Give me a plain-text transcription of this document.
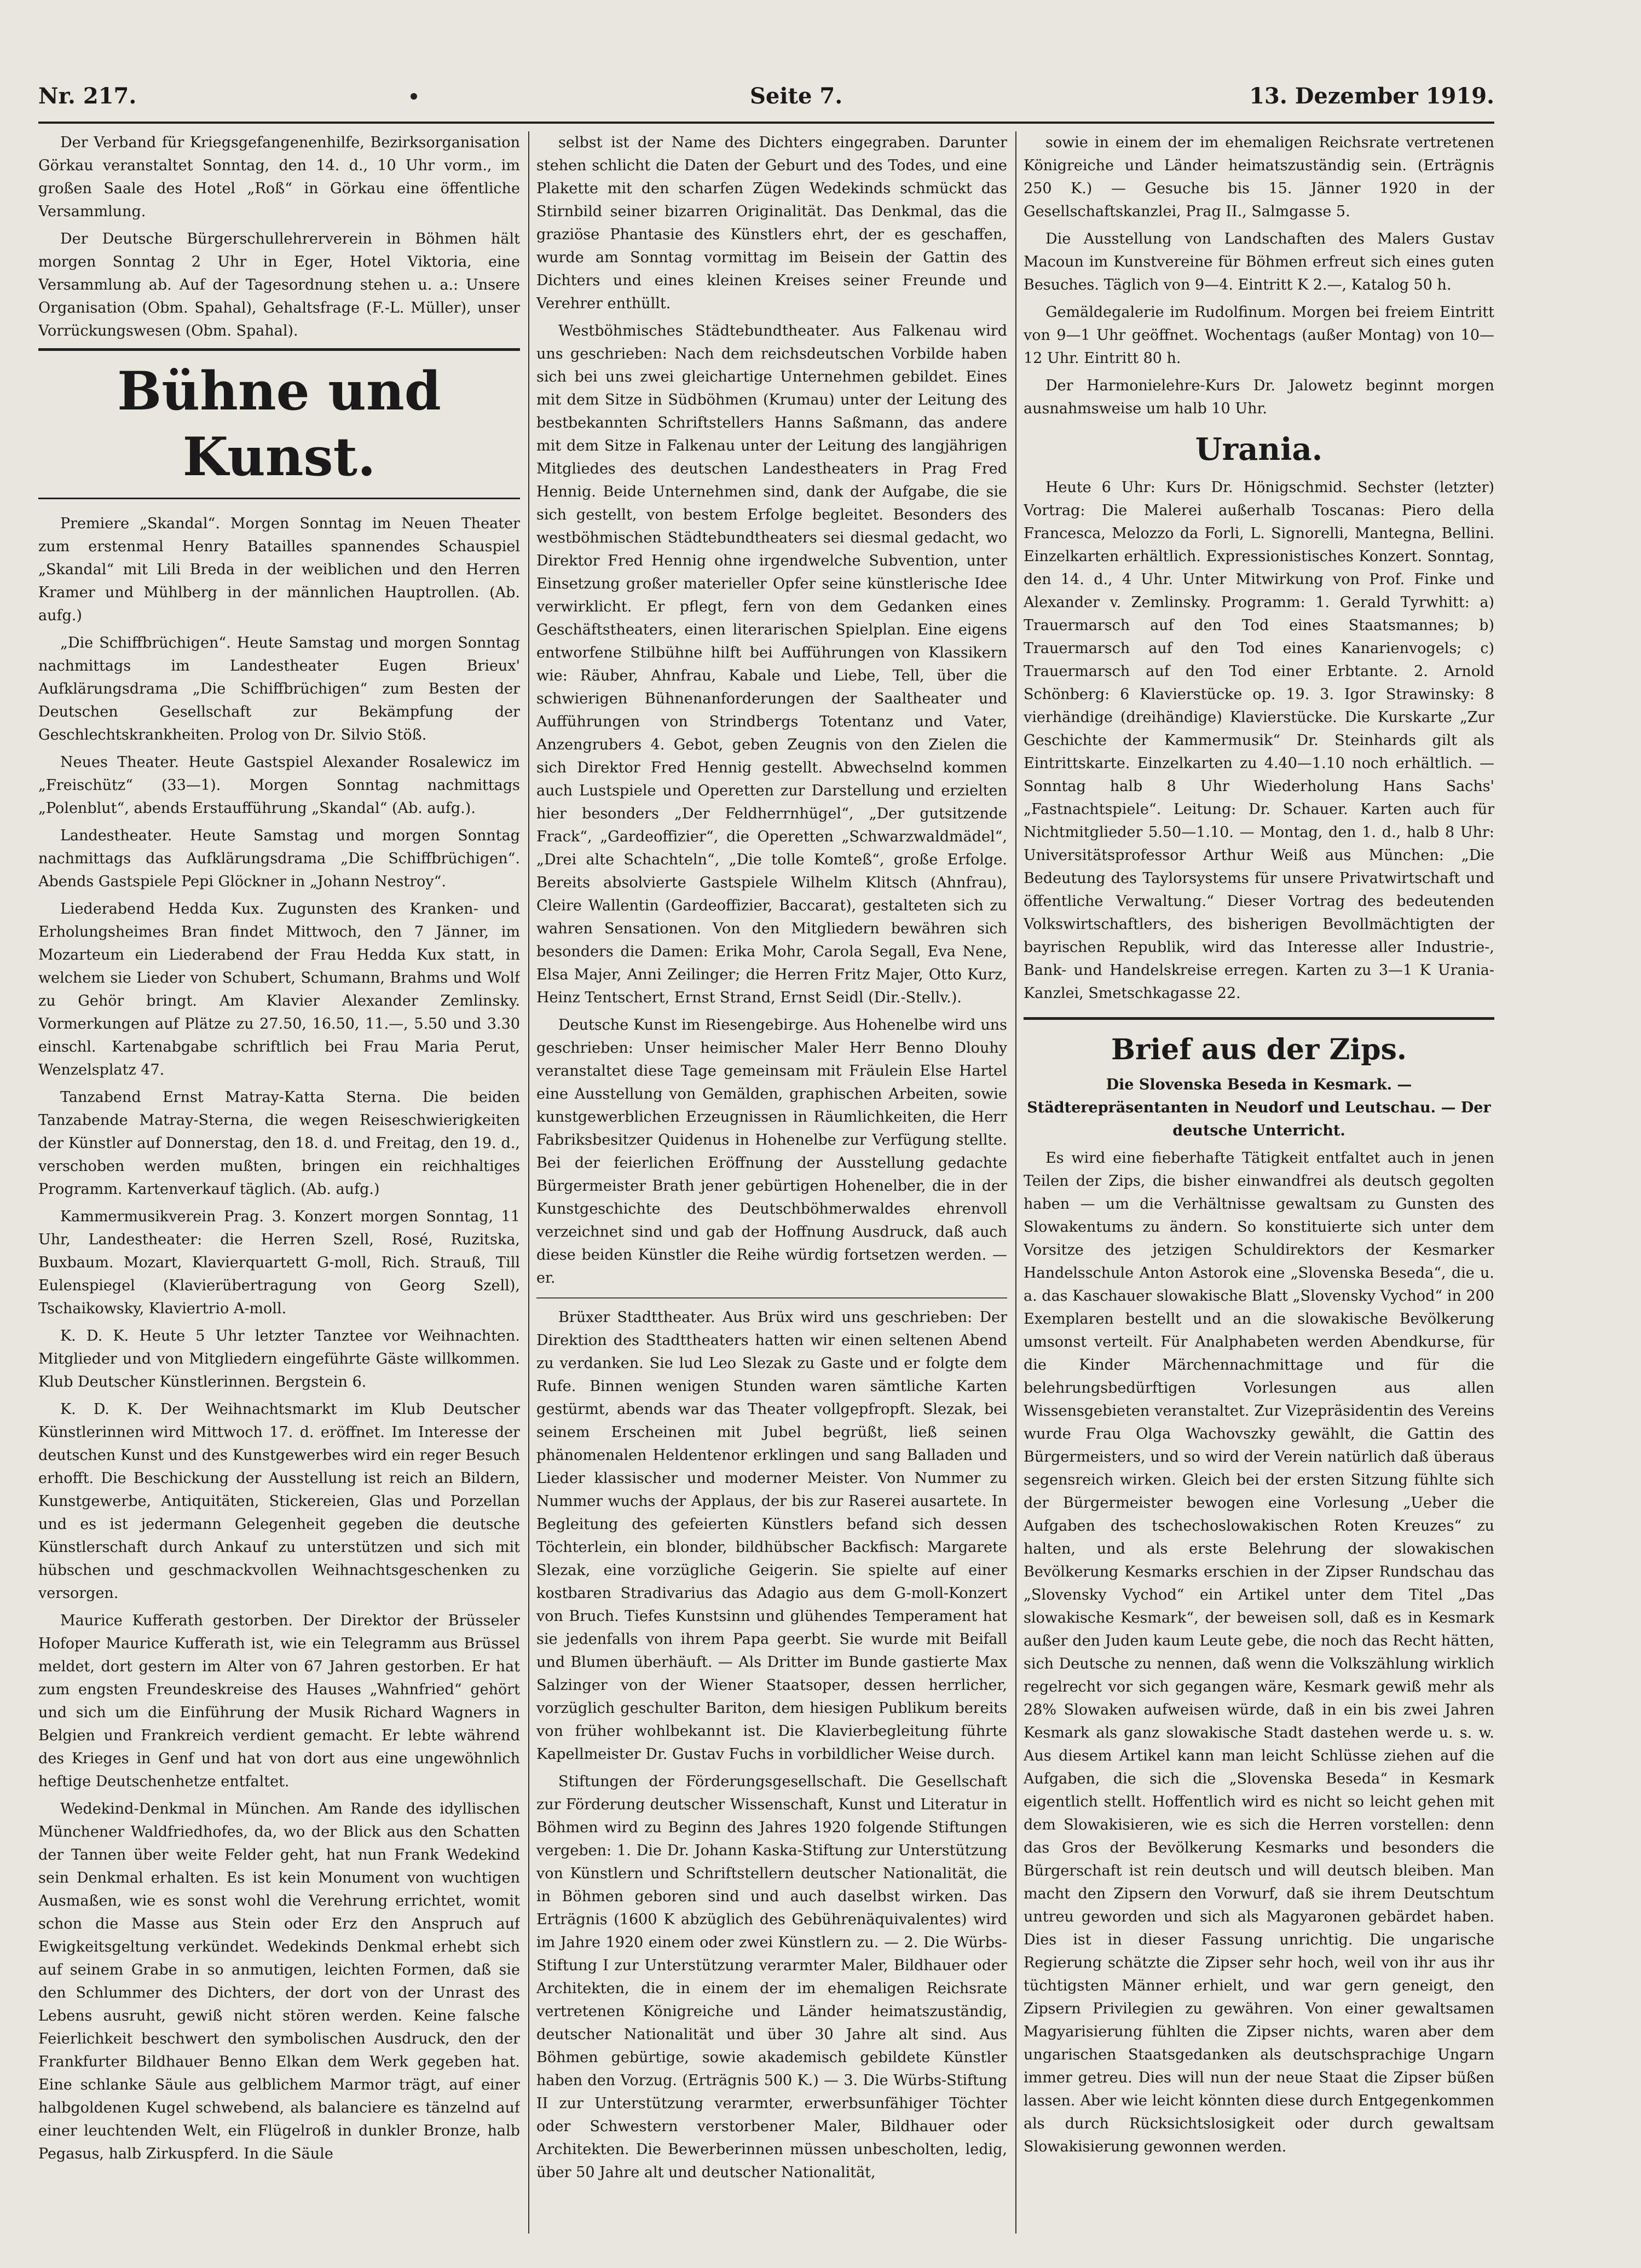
Nr. 217.	Seite 7.	13. Dezember 1919.

Der Verband für Kriegsgefangenenhilfe, Bezirksorganisation Görkau veranstaltet Sonntag, den 14. d., 10 Uhr vorm., im großen Saale des Hotel „Roß“ in Görkau eine öffentliche Versammlung.

Der Deutsche Bürgerschullehrerverein in Böhmen hält morgen Sonntag 2 Uhr in Eger, Hotel Viktoria, eine Versammlung ab. Auf der Tagesordnung stehen u. a.: Unsere Organisation (Obm. Spahal), Gehaltsfrage (F.-L. Müller), unser Vorrückungswesen (Obm. Spahal).

Bühne und Kunst.

Premiere „Skandal“. Morgen Sonntag im Neuen Theater zum erstenmal Henry Batailles spannendes Schauspiel „Skandal“ mit Lili Breda in der weiblichen und den Herren Kramer und Mühlberg in der männlichen Hauptrollen. (Ab. aufg.)

„Die Schiffbrüchigen“. Heute Samstag und morgen Sonntag nachmittags im Landestheater Eugen Brieux' Aufklärungsdrama „Die Schiffbrüchigen“ zum Besten der Deutschen Gesellschaft zur Bekämpfung der Geschlechtskrankheiten. Prolog von Dr. Silvio Stöß.

Neues Theater. Heute Gastspiel Alexander Rosalewicz im „Freischütz“ (33—1). Morgen Sonntag nachmittags „Polenblut“, abends Erstaufführung „Skandal“ (Ab. aufg.).

Landestheater. Heute Samstag und morgen Sonntag nachmittags das Aufklärungsdrama „Die Schiffbrüchigen“. Abends Gastspiele Pepi Glöckner in „Johann Nestroy“.

Liederabend Hedda Kux. Zugunsten des Kranken- und Erholungsheimes Bran findet Mittwoch, den 7 Jänner, im Mozarteum ein Liederabend der Frau Hedda Kux statt, in welchem sie Lieder von Schubert, Schumann, Brahms und Wolf zu Gehör bringt. Am Klavier Alexander Zemlinsky. Vormerkungen auf Plätze zu 27.50, 16.50, 11.—, 5.50 und 3.30 einschl. Kartenabgabe schriftlich bei Frau Maria Perut, Wenzelsplatz 47.

Tanzabend Ernst Matray-Katta Sterna. Die beiden Tanzabende Matray-Sterna, die wegen Reiseschwierigkeiten der Künstler auf Donnerstag, den 18. d. und Freitag, den 19. d., verschoben werden mußten, bringen ein reichhaltiges Programm. Kartenverkauf täglich. (Ab. aufg.)

Kammermusikverein Prag. 3. Konzert morgen Sonntag, 11 Uhr, Landestheater: die Herren Szell, Rosé, Ruzitska, Buxbaum. Mozart, Klavierquartett G-moll, Rich. Strauß, Till Eulenspiegel (Klavierübertragung von Georg Szell), Tschaikowsky, Klaviertrio A-moll.

K. D. K. Heute 5 Uhr letzter Tanztee vor Weihnachten. Mitglieder und von Mitgliedern eingeführte Gäste willkommen. Klub Deutscher Künstlerinnen. Bergstein 6.

K. D. K. Der Weihnachtsmarkt im Klub Deutscher Künstlerinnen wird Mittwoch 17. d. eröffnet. Im Interesse der deutschen Kunst und des Kunstgewerbes wird ein reger Besuch erhofft. Die Beschickung der Ausstellung ist reich an Bildern, Kunstgewerbe, Antiquitäten, Stickereien, Glas und Porzellan und es ist jedermann Gelegenheit gegeben die deutsche Künstlerschaft durch Ankauf zu unterstützen und sich mit hübschen und geschmackvollen Weihnachtsgeschenken zu versorgen.

Maurice Kufferath gestorben. Der Direktor der Brüsseler Hofoper Maurice Kufferath ist, wie ein Telegramm aus Brüssel meldet, dort gestern im Alter von 67 Jahren gestorben. Er hat zum engsten Freundeskreise des Hauses „Wahnfried“ gehört und sich um die Einführung der Musik Richard Wagners in Belgien und Frankreich verdient gemacht. Er lebte während des Krieges in Genf und hat von dort aus eine ungewöhnlich heftige Deutschenhetze entfaltet.

Wedekind-Denkmal in München. Am Rande des idyllischen Münchener Waldfriedhofes, da, wo der Blick aus den Schatten der Tannen über weite Felder geht, hat nun Frank Wedekind sein Denkmal erhalten. Es ist kein Monument von wuchtigen Ausmaßen, wie es sonst wohl die Verehrung errichtet, womit schon die Masse aus Stein oder Erz den Anspruch auf Ewigkeitsgeltung verkündet. Wedekinds Denkmal erhebt sich auf seinem Grabe in so anmutigen, leichten Formen, daß sie den Schlummer des Dichters, der dort von der Unrast des Lebens ausruht, gewiß nicht stören werden. Keine falsche Feierlichkeit beschwert den symbolischen Ausdruck, den der Frankfurter Bildhauer Benno Elkan dem Werk gegeben hat. Eine schlanke Säule aus gelblichem Marmor trägt, auf einer halbgoldenen Kugel schwebend, als balanciere es tänzelnd auf einer leuchtenden Welt, ein Flügelroß in dunkler Bronze, halb Pegasus, halb Zirkuspferd. In die Säule

selbst ist der Name des Dichters eingegraben. Darunter stehen schlicht die Daten der Geburt und des Todes, und eine Plakette mit den scharfen Zügen Wedekinds schmückt das Stirnbild seiner bizarren Originalität. Das Denkmal, das die graziöse Phantasie des Künstlers ehrt, der es geschaffen, wurde am Sonntag vormittag im Beisein der Gattin des Dichters und eines kleinen Kreises seiner Freunde und Verehrer enthüllt.

Westböhmisches Städtebundtheater. Aus Falkenau wird uns geschrieben: Nach dem reichsdeutschen Vorbilde haben sich bei uns zwei gleichartige Unternehmen gebildet. Eines mit dem Sitze in Südböhmen (Krumau) unter der Leitung des bestbekannten Schriftstellers Hanns Saßmann, das andere mit dem Sitze in Falkenau unter der Leitung des langjährigen Mitgliedes des deutschen Landestheaters in Prag Fred Hennig. Beide Unternehmen sind, dank der Aufgabe, die sie sich gestellt, von bestem Erfolge begleitet. Besonders des westböhmischen Städtebundtheaters sei diesmal gedacht, wo Direktor Fred Hennig ohne irgendwelche Subvention, unter Einsetzung großer materieller Opfer seine künstlerische Idee verwirklicht. Er pflegt, fern von dem Gedanken eines Geschäftstheaters, einen literarischen Spielplan. Eine eigens entworfene Stilbühne hilft bei Aufführungen von Klassikern wie: Räuber, Ahnfrau, Kabale und Liebe, Tell, über die schwierigen Bühnenanforderungen der Saaltheater und Aufführungen von Strindbergs Totentanz und Vater, Anzengrubers 4. Gebot, geben Zeugnis von den Zielen die sich Direktor Fred Hennig gestellt. Abwechselnd kommen auch Lustspiele und Operetten zur Darstellung und erzielten hier besonders „Der Feldherrnhügel“, „Der gutsitzende Frack“, „Gardeoffizier“, die Operetten „Schwarzwaldmädel“, „Drei alte Schachteln“, „Die tolle Komteß“, große Erfolge. Bereits absolvierte Gastspiele Wilhelm Klitsch (Ahnfrau), Cleire Wallentin (Gardeoffizier, Baccarat), gestalteten sich zu wahren Sensationen. Von den Mitgliedern bewähren sich besonders die Damen: Erika Mohr, Carola Segall, Eva Nene, Elsa Majer, Anni Zeilinger; die Herren Fritz Majer, Otto Kurz, Heinz Tentschert, Ernst Strand, Ernst Seidl (Dir.-Stellv.).

Deutsche Kunst im Riesengebirge. Aus Hohenelbe wird uns geschrieben: Unser heimischer Maler Herr Benno Dlouhy veranstaltet diese Tage gemeinsam mit Fräulein Else Hartel eine Ausstellung von Gemälden, graphischen Arbeiten, sowie kunstgewerblichen Erzeugnissen in Räumlichkeiten, die Herr Fabriksbesitzer Quidenus in Hohenelbe zur Verfügung stellte. Bei der feierlichen Eröffnung der Ausstellung gedachte Bürgermeister Brath jener gebürtigen Hohenelber, die in der Kunstgeschichte des Deutschböhmerwaldes ehrenvoll verzeichnet sind und gab der Hoffnung Ausdruck, daß auch diese beiden Künstler die Reihe würdig fortsetzen werden. —er.

Brüxer Stadttheater. Aus Brüx wird uns geschrieben: Der Direktion des Stadttheaters hatten wir einen seltenen Abend zu verdanken. Sie lud Leo Slezak zu Gaste und er folgte dem Rufe. Binnen wenigen Stunden waren sämtliche Karten gestürmt, abends war das Theater vollgepfropft. Slezak, bei seinem Erscheinen mit Jubel begrüßt, ließ seinen phänomenalen Heldentenor erklingen und sang Balladen und Lieder klassischer und moderner Meister. Von Nummer zu Nummer wuchs der Applaus, der bis zur Raserei ausartete. In Begleitung des gefeierten Künstlers befand sich dessen Töchterlein, ein blonder, bildhübscher Backfisch: Margarete Slezak, eine vorzügliche Geigerin. Sie spielte auf einer kostbaren Stradivarius das Adagio aus dem G-moll-Konzert von Bruch. Tiefes Kunstsinn und glühendes Temperament hat sie jedenfalls von ihrem Papa geerbt. Sie wurde mit Beifall und Blumen überhäuft. — Als Dritter im Bunde gastierte Max Salzinger von der Wiener Staatsoper, dessen herrlicher, vorzüglich geschulter Bariton, dem hiesigen Publikum bereits von früher wohlbekannt ist. Die Klavierbegleitung führte Kapellmeister Dr. Gustav Fuchs in vorbildlicher Weise durch.

Stiftungen der Förderungsgesellschaft. Die Gesellschaft zur Förderung deutscher Wissenschaft, Kunst und Literatur in Böhmen wird zu Beginn des Jahres 1920 folgende Stiftungen vergeben: 1. Die Dr. Johann Kaska-Stiftung zur Unterstützung von Künstlern und Schriftstellern deutscher Nationalität, die in Böhmen geboren sind und auch daselbst wirken. Das Erträgnis (1600 K abzüglich des Gebührenäquivalentes) wird im Jahre 1920 einem oder zwei Künstlern zu. — 2. Die Würbs-Stiftung I zur Unterstützung verarmter Maler, Bildhauer oder Architekten, die in einem der im ehemaligen Reichsrate vertretenen Königreiche und Länder heimatszuständig, deutscher Nationalität und über 30 Jahre alt sind. Aus Böhmen gebürtige, sowie akademisch gebildete Künstler haben den Vorzug. (Erträgnis 500 K.) — 3. Die Würbs-Stiftung II zur Unterstützung verarmter, erwerbsunfähiger Töchter oder Schwestern verstorbener Maler, Bildhauer oder Architekten. Die Bewerberinnen müssen unbescholten, ledig, über 50 Jahre alt und deutscher Nationalität,

sowie in einem der im ehemaligen Reichsrate vertretenen Königreiche und Länder heimatszuständig sein. (Erträgnis 250 K.) — Gesuche bis 15. Jänner 1920 in der Gesellschaftskanzlei, Prag II., Salmgasse 5.

Die Ausstellung von Landschaften des Malers Gustav Macoun im Kunstvereine für Böhmen erfreut sich eines guten Besuches. Täglich von 9—4. Eintritt K 2.—, Katalog 50 h.

Gemäldegalerie im Rudolfinum. Morgen bei freiem Eintritt von 9—1 Uhr geöffnet. Wochentags (außer Montag) von 10—12 Uhr. Eintritt 80 h.

Der Harmonielehre-Kurs Dr. Jalowetz beginnt morgen ausnahmsweise um halb 10 Uhr.

Urania.

Heute 6 Uhr: Kurs Dr. Hönigschmid. Sechster (letzter) Vortrag: Die Malerei außerhalb Toscanas: Piero della Francesca, Melozzo da Forli, L. Signorelli, Mantegna, Bellini. Einzelkarten erhältlich. Expressionistisches Konzert. Sonntag, den 14. d., 4 Uhr. Unter Mitwirkung von Prof. Finke und Alexander v. Zemlinsky. Programm: 1. Gerald Tyrwhitt: a) Trauermarsch auf den Tod eines Staatsmannes; b) Trauermarsch auf den Tod eines Kanarienvogels; c) Trauermarsch auf den Tod einer Erbtante. 2. Arnold Schönberg: 6 Klavierstücke op. 19. 3. Igor Strawinsky: 8 vierhändige (dreihändige) Klavierstücke. Die Kurskarte „Zur Geschichte der Kammermusik“ Dr. Steinhards gilt als Eintrittskarte. Einzelkarten zu 4.40—1.10 noch erhältlich. — Sonntag halb 8 Uhr Wiederholung Hans Sachs' „Fastnachtspiele“. Leitung: Dr. Schauer. Karten auch für Nichtmitglieder 5.50—1.10. — Montag, den 1. d., halb 8 Uhr: Universitätsprofessor Arthur Weiß aus München: „Die Bedeutung des Taylorsystems für unsere Privatwirtschaft und öffentliche Verwaltung.“ Dieser Vortrag des bedeutenden Volkswirtschaftlers, des bisherigen Bevollmächtigten der bayrischen Republik, wird das Interesse aller Industrie-, Bank- und Handelskreise erregen. Karten zu 3—1 K Urania-Kanzlei, Smetschkagasse 22.

Brief aus der Zips.

Die Slovenska Beseda in Kesmark. — Städterepräsentanten in Neudorf und Leutschau. — Der deutsche Unterricht.

Es wird eine fieberhafte Tätigkeit entfaltet auch in jenen Teilen der Zips, die bisher einwandfrei als deutsch gegolten haben — um die Verhältnisse gewaltsam zu Gunsten des Slowakentums zu ändern. So konstituierte sich unter dem Vorsitze des jetzigen Schuldirektors der Kesmarker Handelsschule Anton Astorok eine „Slovenska Beseda“, die u. a. das Kaschauer slowakische Blatt „Slovensky Vychod“ in 200 Exemplaren bestellt und an die slowakische Bevölkerung umsonst verteilt. Für Analphabeten werden Abendkurse, für die Kinder Märchennachmittage und für die belehrungsbedürftigen Vorlesungen aus allen Wissensgebieten veranstaltet. Zur Vizepräsidentin des Vereins wurde Frau Olga Wachovszky gewählt, die Gattin des Bürgermeisters, und so wird der Verein natürlich daß überaus segensreich wirken. Gleich bei der ersten Sitzung fühlte sich der Bürgermeister bewogen eine Vorlesung „Ueber die Aufgaben des tschechoslowakischen Roten Kreuzes“ zu halten, und als erste Belehrung der slowakischen Bevölkerung Kesmarks erschien in der Zipser Rundschau das „Slovensky Vychod“ ein Artikel unter dem Titel „Das slowakische Kesmark“, der beweisen soll, daß es in Kesmark außer den Juden kaum Leute gebe, die noch das Recht hätten, sich Deutsche zu nennen, daß wenn die Volkszählung wirklich regelrecht vor sich gegangen wäre, Kesmark gewiß mehr als 28% Slowaken aufweisen würde, daß in ein bis zwei Jahren Kesmark als ganz slowakische Stadt dastehen werde u. s. w. Aus diesem Artikel kann man leicht Schlüsse ziehen auf die Aufgaben, die sich die „Slovenska Beseda“ in Kesmark eigentlich stellt. Hoffentlich wird es nicht so leicht gehen mit dem Slowakisieren, wie es sich die Herren vorstellen: denn das Gros der Bevölkerung Kesmarks und besonders die Bürgerschaft ist rein deutsch und will deutsch bleiben. Man macht den Zipsern den Vorwurf, daß sie ihrem Deutschtum untreu geworden und sich als Magyaronen gebärdet haben. Dies ist in dieser Fassung unrichtig. Die ungarische Regierung schätzte die Zipser sehr hoch, weil von ihr aus ihr tüchtigsten Männer erhielt, und war gern geneigt, den Zipsern Privilegien zu gewähren. Von einer gewaltsamen Magyarisierung fühlten die Zipser nichts, waren aber dem ungarischen Staatsgedanken als deutschsprachige Ungarn immer getreu. Dies will nun der neue Staat die Zipser büßen lassen. Aber wie leicht könnten diese durch Entgegenkommen als durch Rücksichtslosigkeit oder durch gewaltsam Slowakisierung gewonnen werden.
